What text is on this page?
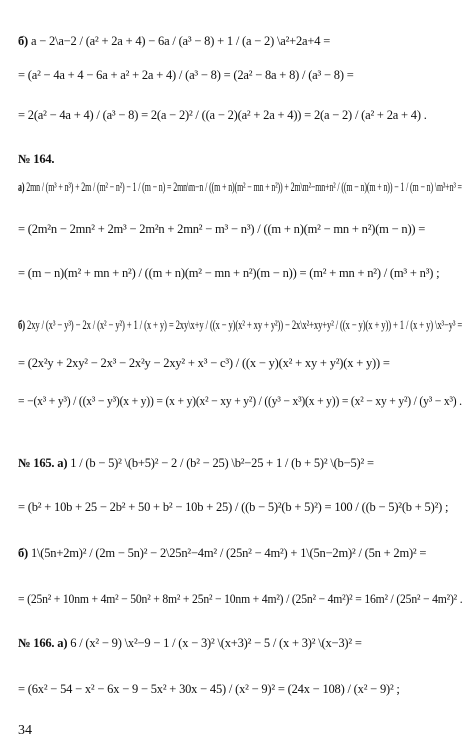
б) a − 2\a−2 / (a² + 2a + 4) − 6a / (a³ − 8) + 1 / (a − 2) \a²+2a+4 =
= (a² − 4a + 4 − 6a + a² + 2a + 4) / (a³ − 8) = (2a² − 8a + 8) / (a³ − 8) =
= 2(a² − 4a + 4) / (a³ − 8) = 2(a − 2)² / ((a − 2)(a² + 2a + 4)) = 2(a − 2) / (a² + 2a + 4) .
№ 164.
а) 2mn / (m³ + n³) + 2m / (m² − n²) − 1 / (m − n) = 2mn\m−n / ((m + n)(m² − mn + n²)) + 2m\m²−mn+n² / ((m − n)(m + n)) − 1 / (m − n) \m³+n³ =
= (2m²n − 2mn² + 2m³ − 2m²n + 2mn² − m³ − n³) / ((m + n)(m² − mn + n²)(m − n)) =
= (m − n)(m² + mn + n²) / ((m + n)(m² − mn + n²)(m − n)) = (m² + mn + n²) / (m³ + n³) ;
б) 2xy / (x³ − y³) − 2x / (x² − y²) + 1 / (x + y) = 2xy\x+y / ((x − y)(x² + xy + y²)) − 2x\x²+xy+y² / ((x − y)(x + y)) + 1 / (x + y) \x³−y³ =
= (2x²y + 2xy² − 2x³ − 2x²y − 2xy² + x³ − c³) / ((x − y)(x² + xy + y²)(x + y)) =
= −(x³ + y³) / ((x³ − y³)(x + y)) = (x + y)(x² − xy + y²) / ((y³ − x³)(x + y)) = (x² − xy + y²) / (y³ − x³) .
№ 165. а) 1 / (b − 5)² \(b+5)² − 2 / (b² − 25) \b²−25 + 1 / (b + 5)² \(b−5)² =
= (b² + 10b + 25 − 2b² + 50 + b² − 10b + 25) / ((b − 5)²(b + 5)²) = 100 / ((b − 5)²(b + 5)²) ;
б) 1\(5n+2m)² / (2m − 5n)² − 2\25n²−4m² / (25n² − 4m²) + 1\(5n−2m)² / (5n + 2m)² =
= (25n² + 10nm + 4m² − 50n² + 8m² + 25n² − 10nm + 4m²) / (25n² − 4m²)² = 16m² / (25n² − 4m²)² .
№ 166. а) 6 / (x² − 9) \x²−9 − 1 / (x − 3)² \(x+3)² − 5 / (x + 3)² \(x−3)² =
= (6x² − 54 − x² − 6x − 9 − 5x² + 30x − 45) / (x² − 9)² = (24x − 108) / (x² − 9)² ;
34
